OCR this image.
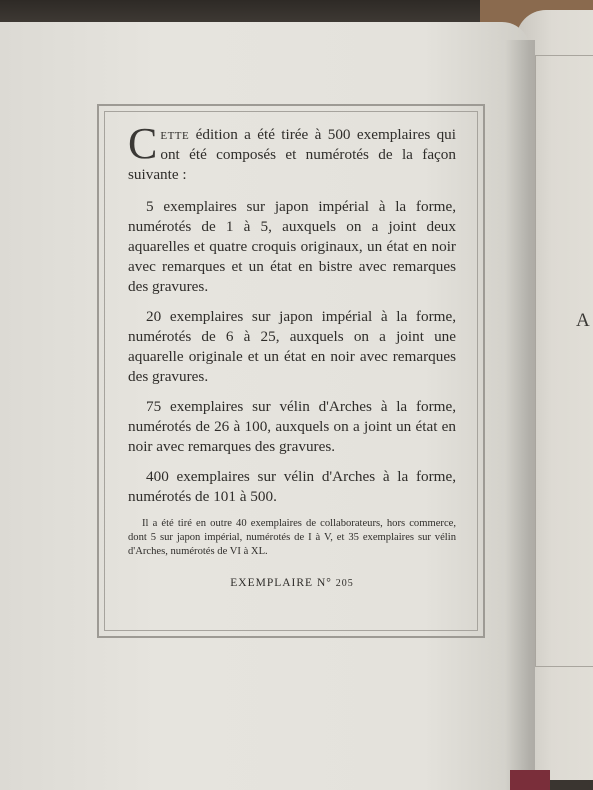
A

Cette édition a été tirée à 500 exemplaires qui ont été composés et numérotés de la façon suivante :

5 exemplaires sur japon impérial à la forme, numérotés de 1 à 5, auxquels on a joint deux aquarelles et quatre croquis originaux, un état en noir avec remarques et un état en bistre avec remarques des gravures.

20 exemplaires sur japon impérial à la forme, numérotés de 6 à 25, auxquels on a joint une aquarelle originale et un état en noir avec remarques des gravures.

75 exemplaires sur vélin d'Arches à la forme, numérotés de 26 à 100, auxquels on a joint un état en noir avec remarques des gravures.

400 exemplaires sur vélin d'Arches à la forme, numérotés de 101 à 500.

Il a été tiré en outre 40 exemplaires de collaborateurs, hors commerce, dont 5 sur japon impérial, numérotés de I à V, et 35 exemplaires sur vélin d'Arches, numérotés de VI à XL.

EXEMPLAIRE N° 205
